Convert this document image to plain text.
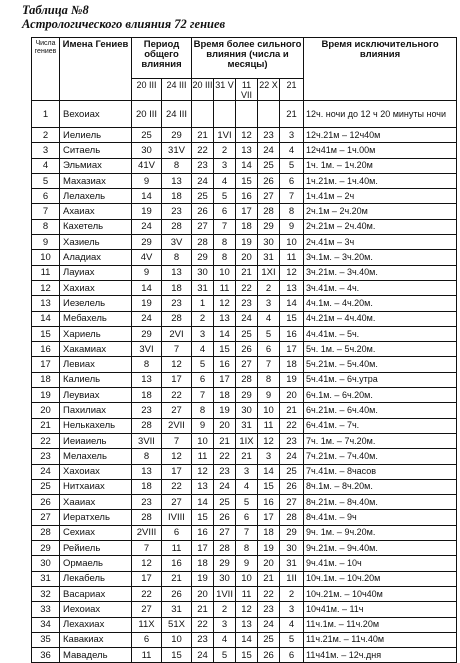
Таблица №8
Астрологического влияния 72 гениев
Числа гениев	Имена Гениев	Период общего влияния		Время более сильного влияния (числа и месяцы)					Время исключительного влияния
		20 III	24 III	20 III	31 V	11 VII	22 X	21	
1	Вехоиах	20 III	24 III					21	12ч. ночи до 12 ч 20 минуты ночи
2	Иелиель	25	29	21	1VI	12	23	3	12ч.21м – 12ч40м
3	Ситаель	30	31V	22	2	13	24	4	12ч41м – 1ч.00м
4	Эльмиах	41V	8	23	3	14	25	5	1ч. 1м. – 1ч.20м
5	Махазиах	9	13	24	4	15	26	6	1ч.21м. – 1ч.40м.
6	Лелахель	14	18	25	5	16	27	7	1ч.41м – 2ч
7	Ахаиах	19	23	26	6	17	28	8	2ч.1м – 2ч.20м
8	Кахетель	24	28	27	7	18	29	9	2ч.21м – 2ч.40м.
9	Хазиель	29	3V	28	8	19	30	10	2ч.41м – 3ч
10	Аладиах	4V	8	29	8	20	31	11	3ч.1м. – 3ч.20м.
11	Лауиах	9	13	30	10	21	1XI	12	3ч.21м. – 3ч.40м.
12	Хахиах	14	18	31	11	22	2	13	3ч.41м. – 4ч.
13	Иезелель	19	23	1	12	23	3	14	4ч.1м. – 4ч.20м.
14	Мебахель	24	28	2	13	24	4	15	4ч.21м – 4ч.40м.
15	Хариель	29	2VI	3	14	25	5	16	4ч.41м. – 5ч.
16	Хакамиах	3VI	7	4	15	26	6	17	5ч. 1м. – 5ч.20м.
17	Левиах	8	12	5	16	27	7	18	5ч.21м. – 5ч.40м.
18	Калиель	13	17	6	17	28	8	19	5ч.41м. – 6ч.утра
19	Леувиах	18	22	7	18	29	9	20	6ч.1м. – 6ч.20м.
20	Пахилиах	23	27	8	19	30	10	21	6ч.21м. – 6ч.40м.
21	Нелькахель	28	2VII	9	20	31	11	22	6ч.41м. – 7ч.
22	Иеиаиель	3VII	7	10	21	1IX	12	23	7ч. 1м. – 7ч.20м.
23	Мелахель	8	12	11	22	21	3	24	7ч.21м. – 7ч.40м.
24	Хахоиах	13	17	12	23	3	14	25	7ч.41м. – 8часов
25	Нитхаиах	18	22	13	24	4	15	26	8ч.1м. – 8ч.20м.
26	Хааиах	23	27	14	25	5	16	27	8ч.21м. – 8ч.40м.
27	Иератхель	28	IVIII	15	26	6	17	28	8ч.41м. – 9ч
28	Сехиах	2VIII	6	16	27	7	18	29	9ч. 1м. – 9ч.20м.
29	Рейиель	7	11	17	28	8	19	30	9ч.21м. – 9ч.40м.
30	Ормаель	12	16	18	29	9	20	31	9ч.41м. – 10ч
31	Лекабель	17	21	19	30	10	21	1II	10ч.1м. – 10ч.20м
32	Васариах	22	26	20	1VII	11	22	2	10ч.21м. – 10ч40м
33	Иехоиах	27	31	21	2	12	23	3	10ч41м. – 11ч
34	Лехахиах	11X	51X	22	3	13	24	4	11ч.1м. – 11ч.20м
35	Кавакиах	6	10	23	4	14	25	5	11ч.21м. – 11ч.40м
36	Мавадель	11	15	24	5	15	26	6	11ч41м. – 12ч.дня
